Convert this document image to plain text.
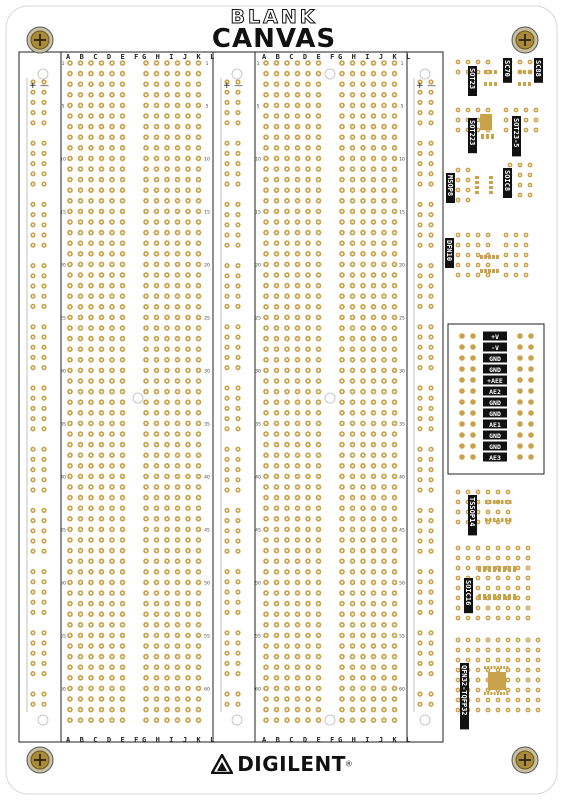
+ —	+ —	+ —	SOT23	SC70	SC88
SOT223	SOT23-5
MSOP8	SOIC8
DFN10
TSSOP14
SOIC16
QFN32-TQFP32
+V
-V
GND
GND
+AEE
AE2
GND
GND
AE1
GND
GND
AE3
1	1	1	1
5	5	5	5
10	10	10	10
15	15	15	15
20	20	20	20
25	25	25	25
30	30	30	30
35	35	35	35
40	40	40	40
45	45	45	45
50	50	50	50
55	55	55	55
60	60	60	60
BLANK
CANVAS
A B C D E F G H I J K L	A B C D E F G H I J K L
A B C D E F G H I J K L	A B C D E F G H I J K L
DIGILENT®
